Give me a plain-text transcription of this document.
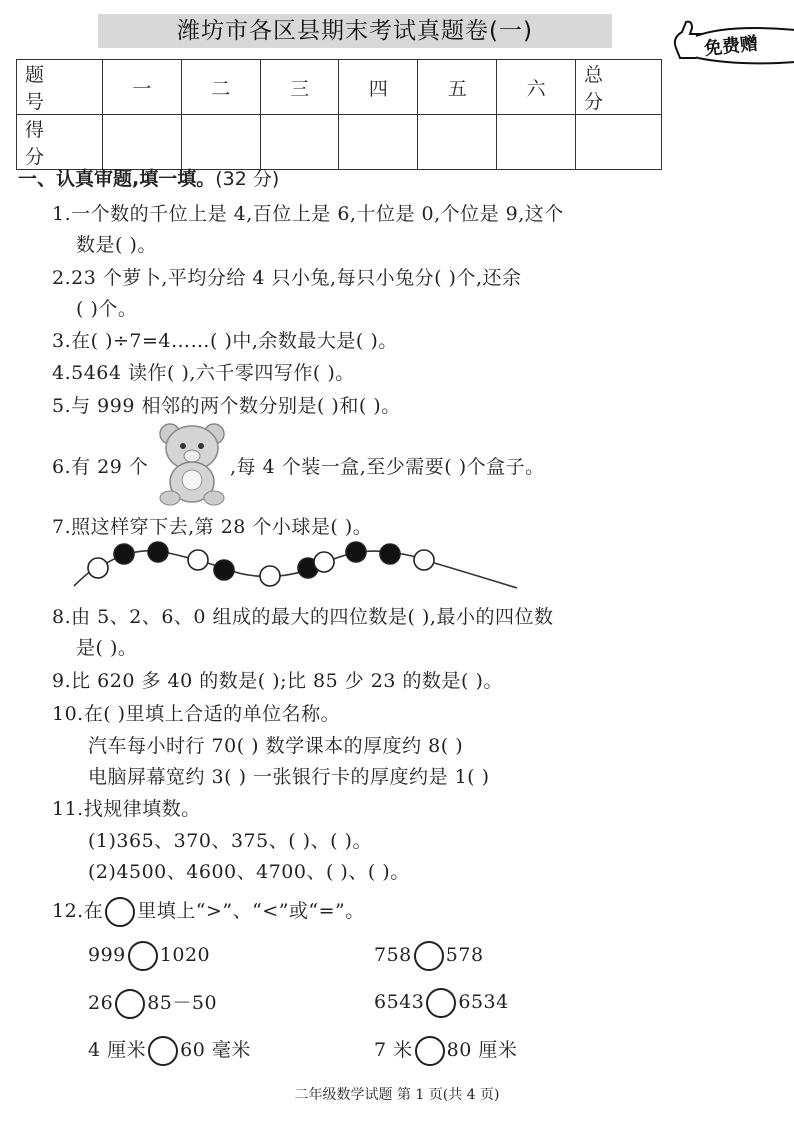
潍坊市各区县期末考试真题卷(一)
免费赠
题 号	一	二	三	四	五	六	总 分
得 分							
一、认真审题,填一填。(32 分)
1.一个数的千位上是 4,百位上是 6,十位是 0,个位是 9,这个
数是( )。
2.23 个萝卜,平均分给 4 只小兔,每只小兔分( )个,还余
( )个。
3.在( )÷7=4……( )中,余数最大是( )。
4.5464 读作( ),六千零四写作( )。
5.与 999 相邻的两个数分别是( )和( )。
6.有 29 个	,每 4 个装一盒,至少需要( )个盒子。
7.照这样穿下去,第 28 个小球是( )。
8.由 5、2、6、0 组成的最大的四位数是( ),最小的四位数
是( )。
9.比 620 多 40 的数是( );比 85 少 23 的数是( )。
10.在( )里填上合适的单位名称。
汽车每小时行 70( ) 数学课本的厚度约 8( )
电脑屏幕宽约 3( ) 一张银行卡的厚度约是 1( )
11.找规律填数。
(1)365、370、375、( )、( )。
(2)4500、4600、4700、( )、( )。
12.在 里填上“>”、“<”或“=”。
999 1020	758 578
26 85－50	6543 6534
4 厘米 60 毫米	7 米 80 厘米
二年级数学试题 第 1 页(共 4 页)
